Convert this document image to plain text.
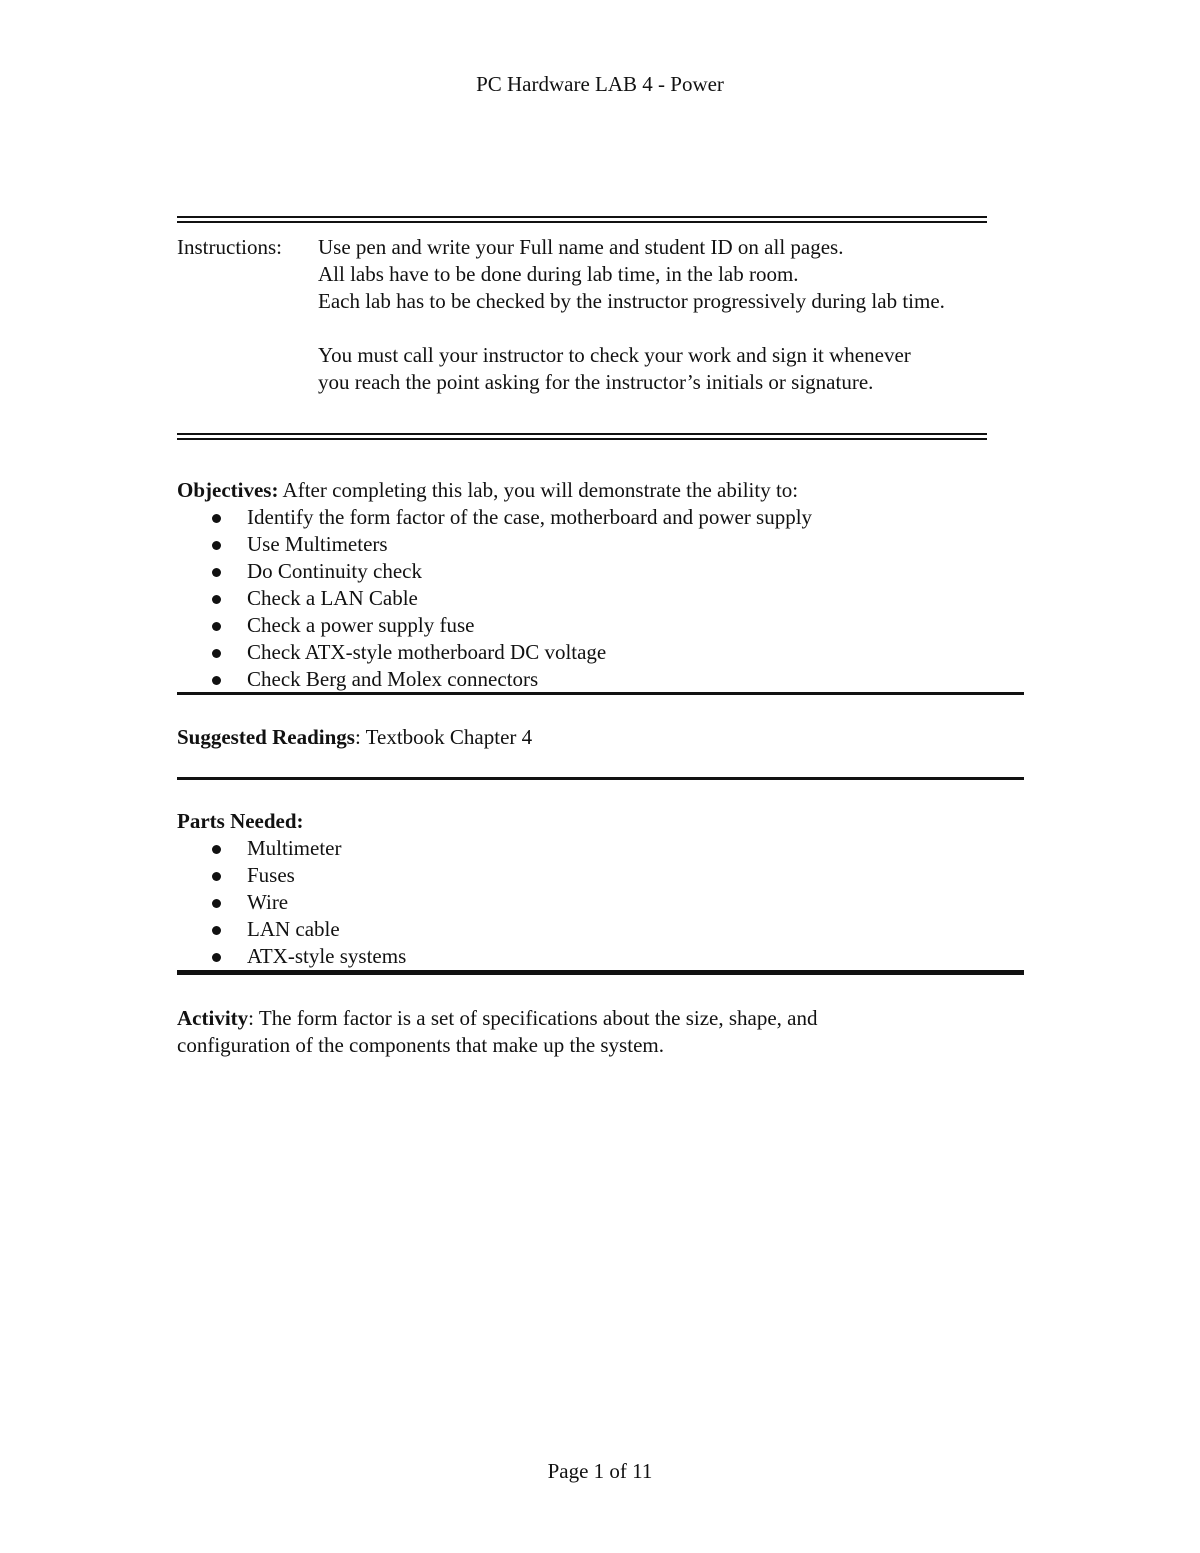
PC Hardware LAB 4 - Power
Instructions: Use pen and write your Full name and student ID on all pages.
All labs have to be done during lab time, in the lab room.
Each lab has to be checked by the instructor progressively during lab time.
You must call your instructor to check your work and sign it whenever
you reach the point asking for the instructor’s initials or signature.
Objectives: After completing this lab, you will demonstrate the ability to:
Identify the form factor of the case, motherboard and power supply
Use Multimeters
Do Continuity check
Check a LAN Cable
Check a power supply fuse
Check ATX-style motherboard DC voltage
Check Berg and Molex connectors
Suggested Readings: Textbook Chapter 4
Parts Needed:
Multimeter
Fuses
Wire
LAN cable
ATX-style systems
Activity: The form factor is a set of specifications about the size, shape, and
configuration of the components that make up the system.
Page 1 of 11
